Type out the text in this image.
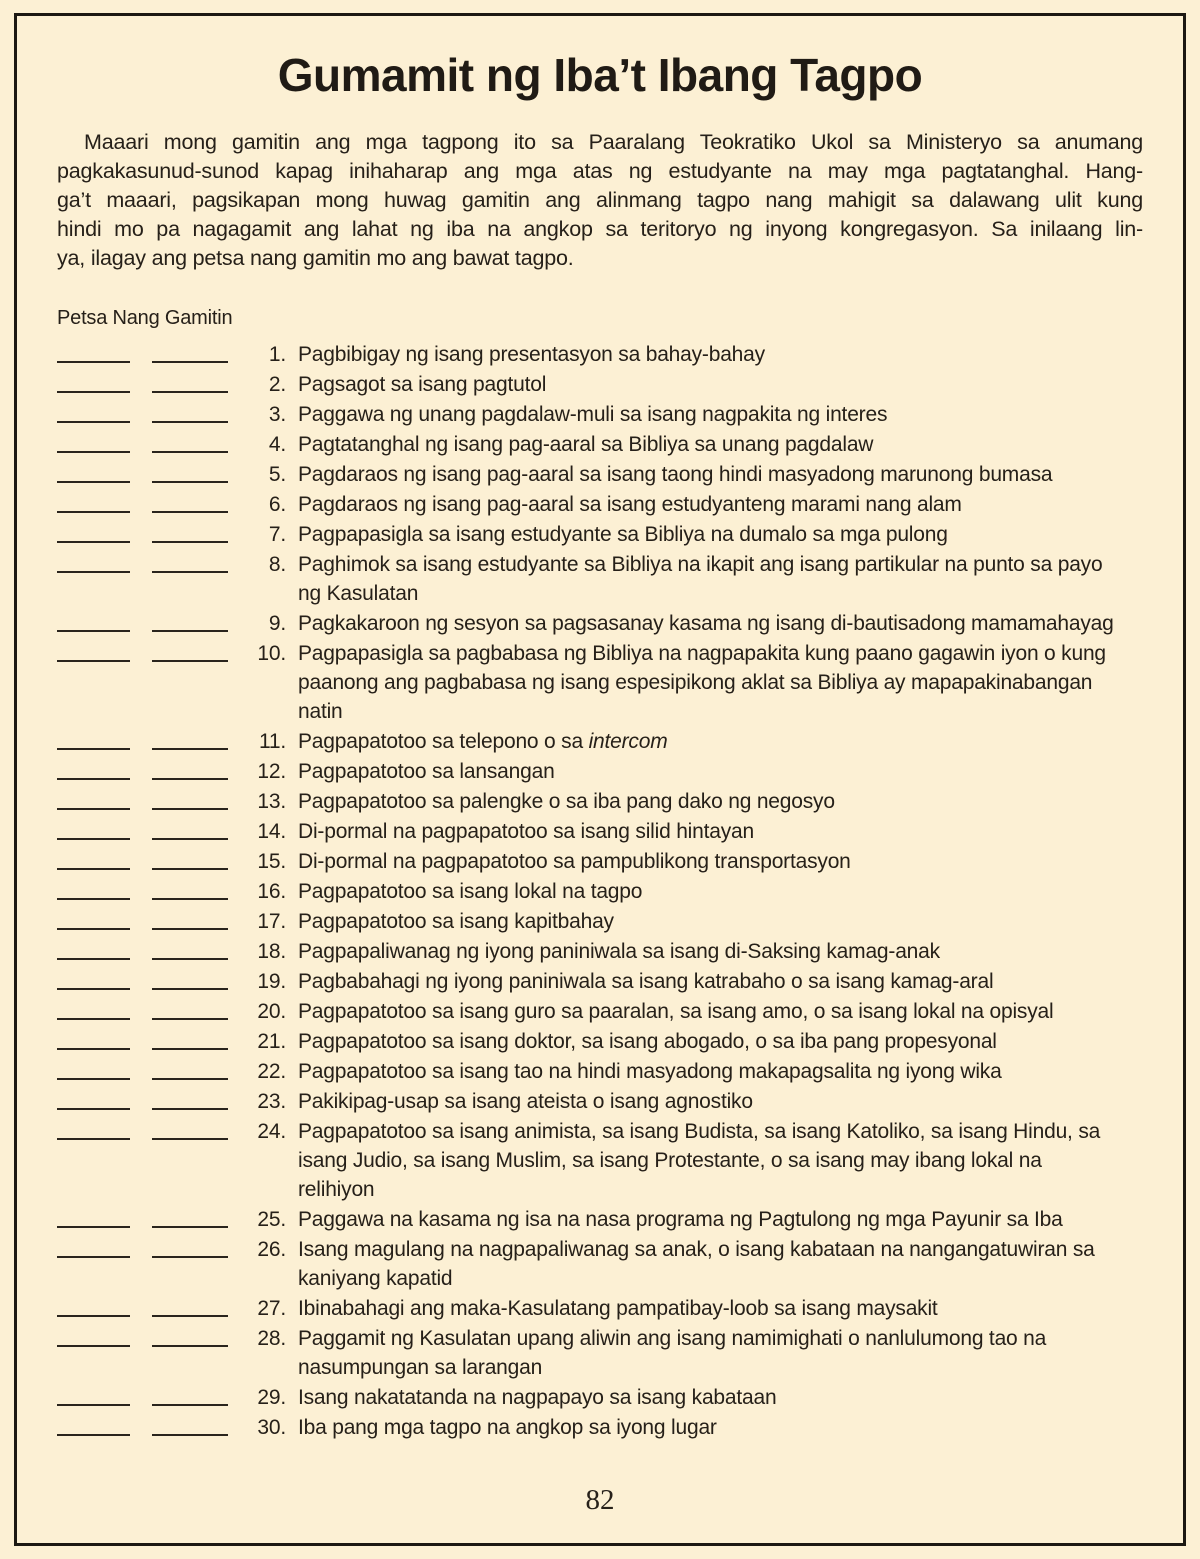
Gumamit ng Iba’t Ibang Tagpo
Maaari mong gamitin ang mga tagpong ito sa Paaralang Teokratiko Ukol sa Ministeryo sa anumang
pagkakasunud-sunod kapag inihaharap ang mga atas ng estudyante na may mga pagtatanghal. Hang-
ga’t maaari, pagsikapan mong huwag gamitin ang alinmang tagpo nang mahigit sa dalawang ulit kung
hindi mo pa nagagamit ang lahat ng iba na angkop sa teritoryo ng inyong kongregasyon. Sa inilaang lin-
ya, ilagay ang petsa nang gamitin mo ang bawat tagpo.
Petsa Nang Gamitin
1. Pagbibigay ng isang presentasyon sa bahay-bahay
2. Pagsagot sa isang pagtutol
3. Paggawa ng unang pagdalaw-muli sa isang nagpakita ng interes
4. Pagtatanghal ng isang pag-aaral sa Bibliya sa unang pagdalaw
5. Pagdaraos ng isang pag-aaral sa isang taong hindi masyadong marunong bumasa
6. Pagdaraos ng isang pag-aaral sa isang estudyanteng marami nang alam
7. Pagpapasigla sa isang estudyante sa Bibliya na dumalo sa mga pulong
8. Paghimok sa isang estudyante sa Bibliya na ikapit ang isang partikular na punto sa payo ng Kasulatan
9. Pagkakaroon ng sesyon sa pagsasanay kasama ng isang di-bautisadong mamamahayag
10. Pagpapasigla sa pagbabasa ng Bibliya na nagpapakita kung paano gagawin iyon o kung paanong ang pagbabasa ng isang espesipikong aklat sa Bibliya ay mapapakinabangan natin
11. Pagpapatotoo sa telepono o sa intercom
12. Pagpapatotoo sa lansangan
13. Pagpapatotoo sa palengke o sa iba pang dako ng negosyo
14. Di-pormal na pagpapatotoo sa isang silid hintayan
15. Di-pormal na pagpapatotoo sa pampublikong transportasyon
16. Pagpapatotoo sa isang lokal na tagpo
17. Pagpapatotoo sa isang kapitbahay
18. Pagpapaliwanag ng iyong paniniwala sa isang di-Saksing kamag-anak
19. Pagbabahagi ng iyong paniniwala sa isang katrabaho o sa isang kamag-aral
20. Pagpapatotoo sa isang guro sa paaralan, sa isang amo, o sa isang lokal na opisyal
21. Pagpapatotoo sa isang doktor, sa isang abogado, o sa iba pang propesyonal
22. Pagpapatotoo sa isang tao na hindi masyadong makapagsalita ng iyong wika
23. Pakikipag-usap sa isang ateista o isang agnostiko
24. Pagpapatotoo sa isang animista, sa isang Budista, sa isang Katoliko, sa isang Hindu, sa isang Judio, sa isang Muslim, sa isang Protestante, o sa isang may ibang lokal na relihiyon
25. Paggawa na kasama ng isa na nasa programa ng Pagtulong ng mga Payunir sa Iba
26. Isang magulang na nagpapaliwanag sa anak, o isang kabataan na nangangatuwiran sa kaniyang kapatid
27. Ibinabahagi ang maka-Kasulatang pampatibay-loob sa isang maysakit
28. Paggamit ng Kasulatan upang aliwin ang isang namimighati o nanlulumong tao na nasumpungan sa larangan
29. Isang nakatatanda na nagpapayo sa isang kabataan
30. Iba pang mga tagpo na angkop sa iyong lugar
82
